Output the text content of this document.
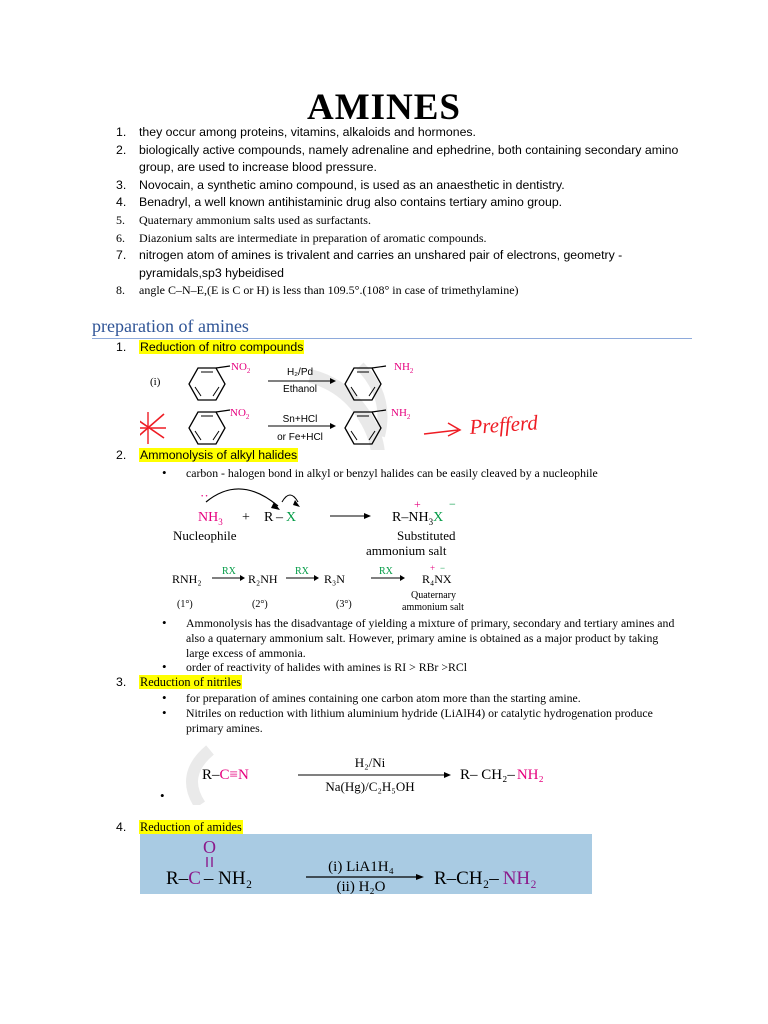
AMINES
1. they occur among proteins, vitamins, alkaloids and hormones.
2. biologically active compounds, namely adrenaline and ephedrine, both containing secondary amino group, are used to increase blood pressure.
3. Novocain, a synthetic amino compound, is used as an anaesthetic in dentistry.
4. Benadryl, a well known antihistaminic drug also contains tertiary amino group.
5. Quaternary ammonium salts used as surfactants.
6. Diazonium salts are intermediate in preparation of aromatic compounds.
7. nitrogen atom of amines is trivalent and carries an unshared pair of electrons, geometry - pyramidals,sp3 hybeidised
8. angle C–N–E,(E is C or H) is less than 109.5°.(108° in case of trimethylamine)
preparation of amines
1. Reduction of nitro compounds
(i)
$NO_2$	H₂/Pd
Ethanol
$NH_2$
$NO_2$	Sn+HCl
or Fe+HCl
$NH_2$	Prefferd
2. Ammonolysis of alkyl halides
• carbon - halogen bond in alkyl or benzyl halides can be easily cleaved by a nucleophile
··
$NH_3 + R - X$
Nucleophile
$R-NH_3X$
+ −
Substituted
ammonium salt
RNH₂
RX
R₂NH
RX
R₃N
RX
R₄NX
+ −
(1°)	(2°)	(3°)
Quaternary
ammonium salt
• Ammonolysis has the disadvantage of yielding a mixture of primary, secondary and tertiary amines and also a quaternary ammonium salt. However, primary amine is obtained as a major product by taking large excess of ammonia.
• order of reactivity of halides with amines is RI > RBr >RCl
3. Reduction of nitriles
• for preparation of amines containing one carbon atom more than the starting amine.
• Nitriles on reduction with lithium aluminium hydride (LiAlH4) or catalytic hydrogenation produce primary amines.
R–C≡N
H₂/Ni
Na(Hg)/C₂H₅OH
R– CH₂– NH₂
•
4. Reduction of amides
O
R–C – NH₂
(i) LiA1H₄
(ii) H₂O	R–CH₂– NH₂
